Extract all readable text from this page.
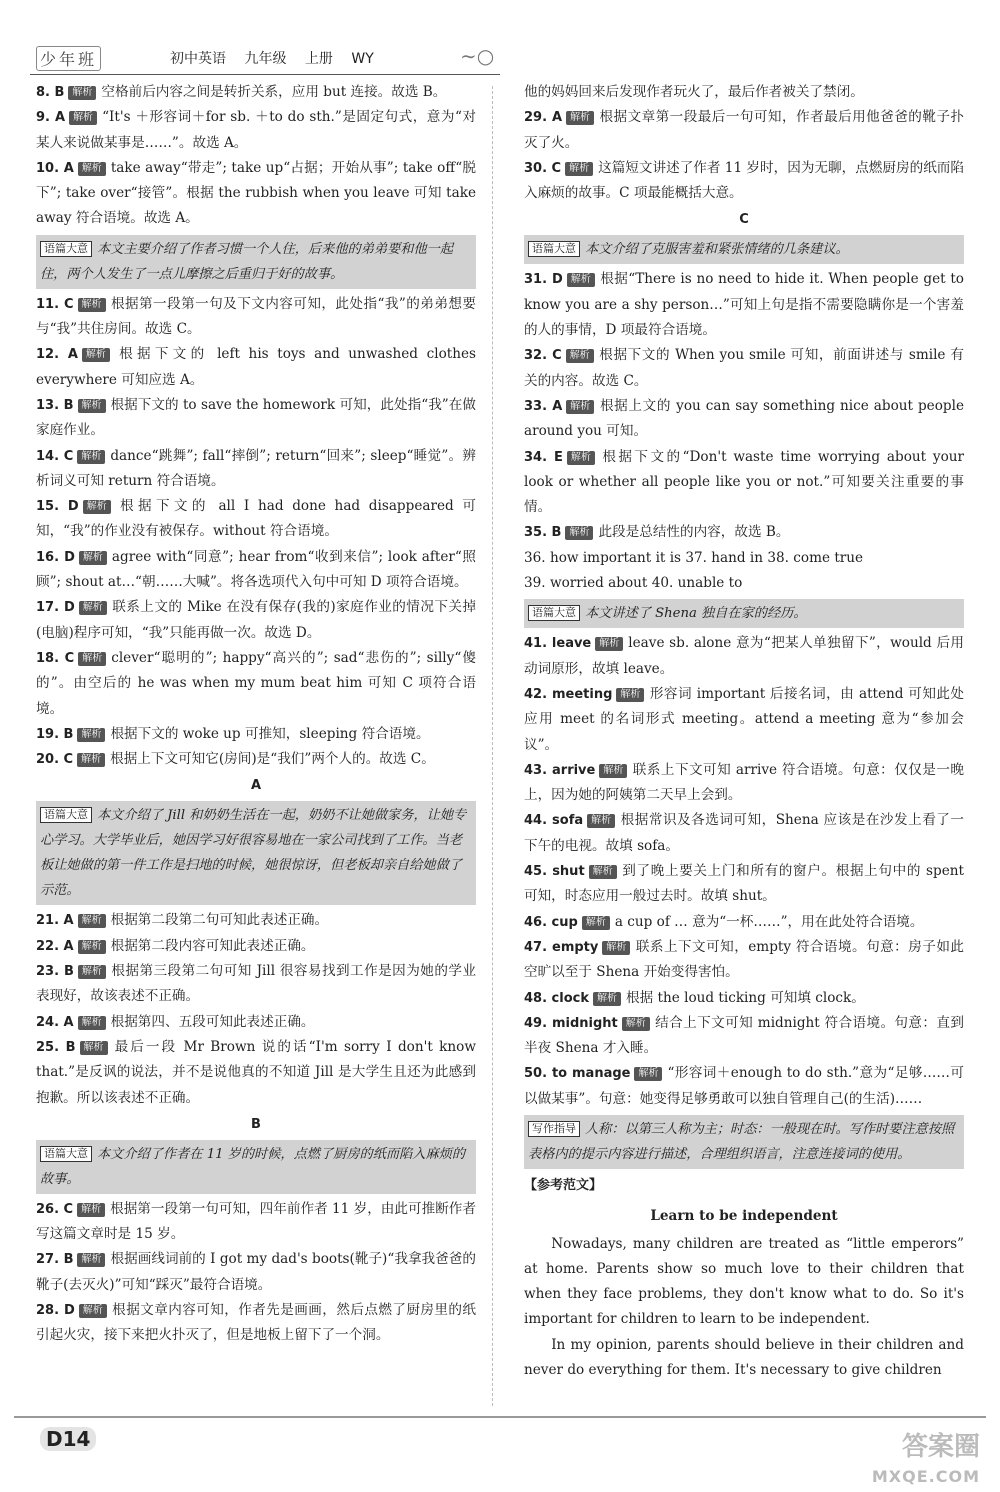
少年班	初中英语 九年级 上册 WY	∼○

8. B 解析 空格前后内容之间是转折关系，应用 but 连接。故选 B。

9. A 解析 “It's ＋形容词＋for sb. ＋to do sth.”是固定句式，意为“对某人来说做某事是……”。故选 A。

10. A 解析 take away“带走”; take up“占据；开始从事”; take off“脱下”; take over“接管”。根据 the rubbish when you leave 可知 take away 符合语境。故选 A。

语篇大意 本文主要介绍了作者习惯一个人住，后来他的弟弟要和他一起住，两个人发生了一点儿摩擦之后重归于好的故事。

11. C 解析 根据第一段第一句及下文内容可知，此处指“我”的弟弟想要与“我”共住房间。故选 C。

12. A 解析 根据下文的 left his toys and unwashed clothes everywhere 可知应选 A。

13. B 解析 根据下文的 to save the homework 可知，此处指“我”在做家庭作业。

14. C 解析 dance“跳舞”; fall“摔倒”; return“回来”; sleep“睡觉”。辨析词义可知 return 符合语境。

15. D 解析 根据下文的 all I had done had disappeared 可知，“我”的作业没有被保存。without 符合语境。

16. D 解析 agree with“同意”; hear from“收到来信”; look after“照顾”; shout at…“朝……大喊”。将各选项代入句中可知 D 项符合语境。

17. D 解析 联系上文的 Mike 在没有保存(我的)家庭作业的情况下关掉(电脑)程序可知，“我”只能再做一次。故选 D。

18. C 解析 clever“聪明的”; happy“高兴的”; sad“悲伤的”; silly“傻的”。由空后的 he was when my mum beat him 可知 C 项符合语境。

19. B 解析 根据下文的 woke up 可推知，sleeping 符合语境。

20. C 解析 根据上下文可知它(房间)是“我们”两个人的。故选 C。

A
语篇大意 本文介绍了 Jill 和奶奶生活在一起，奶奶不让她做家务，让她专心学习。大学毕业后，她因学习好很容易地在一家公司找到了工作。当老板让她做的第一件工作是扫地的时候，她很惊讶，但老板却亲自给她做了示范。

21. A 解析 根据第二段第二句可知此表述正确。

22. A 解析 根据第二段内容可知此表述正确。

23. B 解析 根据第三段第二句可知 Jill 很容易找到工作是因为她的学业表现好，故该表述不正确。

24. A 解析 根据第四、五段可知此表述正确。

25. B 解析 最后一段 Mr Brown 说的话“I'm sorry I don't know that.”是反讽的说法，并不是说他真的不知道 Jill 是大学生且还为此感到抱歉。所以该表述不正确。

B
语篇大意 本文介绍了作者在 11 岁的时候，点燃了厨房的纸而陷入麻烦的故事。

26. C 解析 根据第一段第一句可知，四年前作者 11 岁，由此可推断作者写这篇文章时是 15 岁。

27. B 解析 根据画线词前的 I got my dad's boots(靴子)“我拿我爸爸的靴子(去灭火)”可知“踩灭”最符合语境。

28. D 解析 根据文章内容可知，作者先是画画，然后点燃了厨房里的纸引起火灾，接下来把火扑灭了，但是地板上留下了一个洞。

他的妈妈回来后发现作者玩火了，最后作者被关了禁闭。

29. A 解析 根据文章第一段最后一句可知，作者最后用他爸爸的靴子扑灭了火。

30. C 解析 这篇短文讲述了作者 11 岁时，因为无聊，点燃厨房的纸而陷入麻烦的故事。C 项最能概括大意。

C
语篇大意 本文介绍了克服害羞和紧张情绪的几条建议。

31. D 解析 根据“There is no need to hide it. When people get to know you are a shy person…”可知上句是指不需要隐瞒你是一个害羞的人的事情，D 项最符合语境。

32. C 解析 根据下文的 When you smile 可知，前面讲述与 smile 有关的内容。故选 C。

33. A 解析 根据上文的 you can say something nice about people around you 可知。

34. E 解析 根据下文的“Don't waste time worrying about your look or whether all people like you or not.”可知要关注重要的事情。

35. B 解析 此段是总结性的内容，故选 B。

36. how important it is 37. hand in 38. come true

39. worried about 40. unable to

语篇大意 本文讲述了 Shena 独自在家的经历。

41. leave 解析 leave sb. alone 意为“把某人单独留下”，would 后用动词原形，故填 leave。

42. meeting 解析 形容词 important 后接名词，由 attend 可知此处应用 meet 的名词形式 meeting。attend a meeting 意为“参加会议”。

43. arrive 解析 联系上下文可知 arrive 符合语境。句意：仅仅是一晚上，因为她的阿姨第二天早上会到。

44. sofa 解析 根据常识及各选词可知，Shena 应该是在沙发上看了一下午的电视。故填 sofa。

45. shut 解析 到了晚上要关上门和所有的窗户。根据上句中的 spent 可知，时态应用一般过去时。故填 shut。

46. cup 解析 a cup of … 意为“一杯……”，用在此处符合语境。

47. empty 解析 联系上下文可知，empty 符合语境。句意：房子如此空旷以至于 Shena 开始变得害怕。

48. clock 解析 根据 the loud ticking 可知填 clock。

49. midnight 解析 结合上下文可知 midnight 符合语境。句意：直到半夜 Shena 才入睡。

50. to manage 解析 “形容词＋enough to do sth.”意为“足够……可以做某事”。句意：她变得足够勇敢可以独自管理自己(的生活)……

写作指导 人称：以第三人称为主；时态：一般现在时。写作时要注意按照表格内的提示内容进行描述，合理组织语言，注意连接词的使用。
【参考范文】
Learn to be independent

Nowadays, many children are treated as “little emperors” at home. Parents show so much love to their children that when they face problems, they don't know what to do. So it's important for children to learn to be independent.

In my opinion, parents should believe in their children and never do everything for them. It's necessary to give children

D14	答案圈
MXQE.COM
